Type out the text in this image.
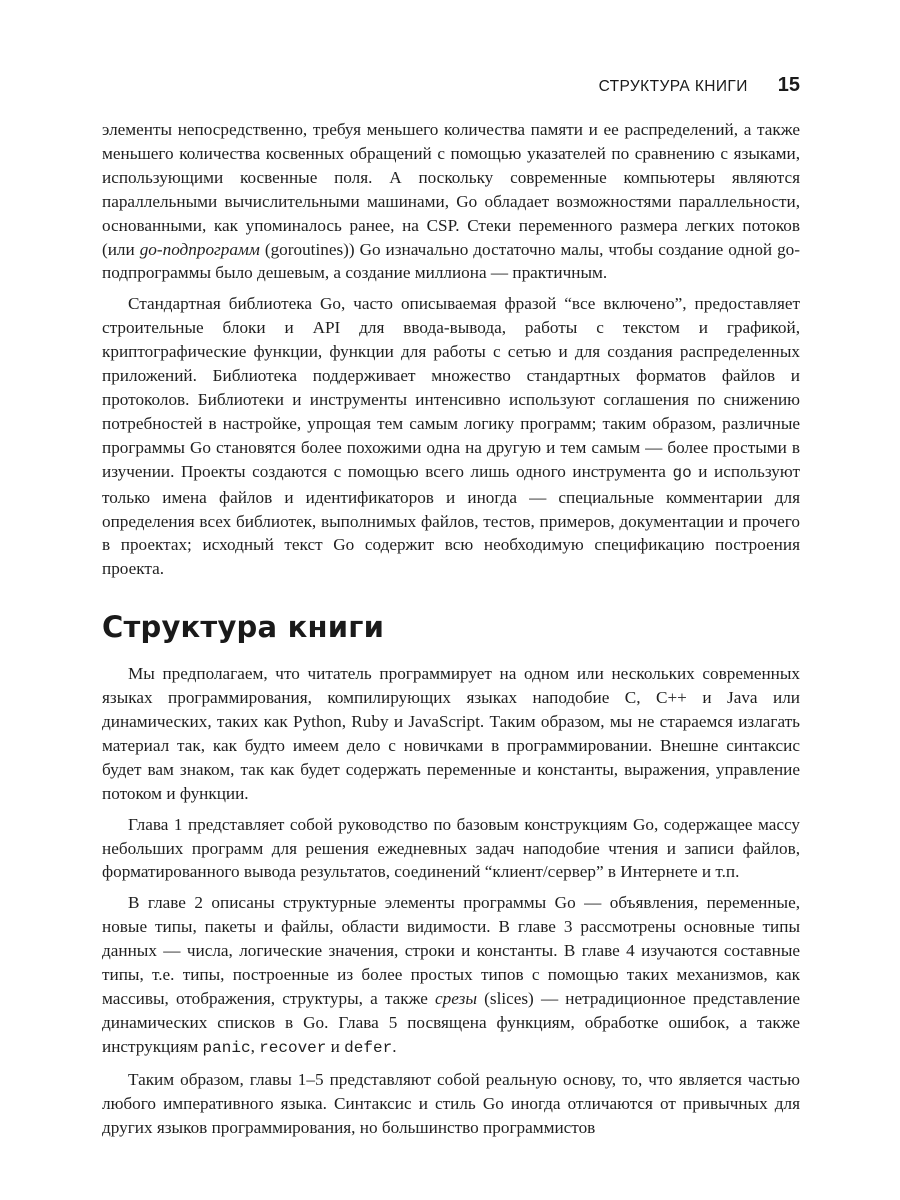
СТРУКТУРА КНИГИ 15

элементы непосредственно, требуя меньшего количества памяти и ее распределений, а также меньшего количества косвенных обращений с помощью указателей по сравнению с языками, использующими косвенные поля. А поскольку современные компьютеры являются параллельными вычислительными машинами, Go обладает возможностями параллельности, основанными, как упоминалось ранее, на CSP. Стеки переменного размера легких потоков (или go-подпрограмм (goroutines)) Go изначально достаточно малы, чтобы создание одной go-подпрограммы было дешевым, а создание миллиона — практичным.

Стандартная библиотека Go, часто описываемая фразой “все включено”, предоставляет строительные блоки и API для ввода-вывода, работы с текстом и графикой, криптографические функции, функции для работы с сетью и для создания распределенных приложений. Библиотека поддерживает множество стандартных форматов файлов и протоколов. Библиотеки и инструменты интенсивно используют соглашения по снижению потребностей в настройке, упрощая тем самым логику программ; таким образом, различные программы Go становятся более похожими одна на другую и тем самым — более простыми в изучении. Проекты создаются с помощью всего лишь одного инструмента go и используют только имена файлов и идентификаторов и иногда — специальные комментарии для определения всех библиотек, выполнимых файлов, тестов, примеров, документации и прочего в проектах; исходный текст Go содержит всю необходимую спецификацию построения проекта.

Структура книги

Мы предполагаем, что читатель программирует на одном или нескольких современных языках программирования, компилирующих языках наподобие C, C++ и Java или динамических, таких как Python, Ruby и JavaScript. Таким образом, мы не стараемся излагать материал так, как будто имеем дело с новичками в программировании. Внешне синтаксис будет вам знаком, так как будет содержать переменные и константы, выражения, управление потоком и функции.

Глава 1 представляет собой руководство по базовым конструкциям Go, содержащее массу небольших программ для решения ежедневных задач наподобие чтения и записи файлов, форматированного вывода результатов, соединений “клиент/сервер” в Интернете и т.п.

В главе 2 описаны структурные элементы программы Go — объявления, переменные, новые типы, пакеты и файлы, области видимости. В главе 3 рассмотрены основные типы данных — числа, логические значения, строки и константы. В главе 4 изучаются составные типы, т.е. типы, построенные из более простых типов с помощью таких механизмов, как массивы, отображения, структуры, а также срезы (slices) — нетрадиционное представление динамических списков в Go. Глава 5 посвящена функциям, обработке ошибок, а также инструкциям panic, recover и defer.

Таким образом, главы 1–5 представляют собой реальную основу, то, что является частью любого императивного языка. Синтаксис и стиль Go иногда отличаются от привычных для других языков программирования, но большинство программистов
